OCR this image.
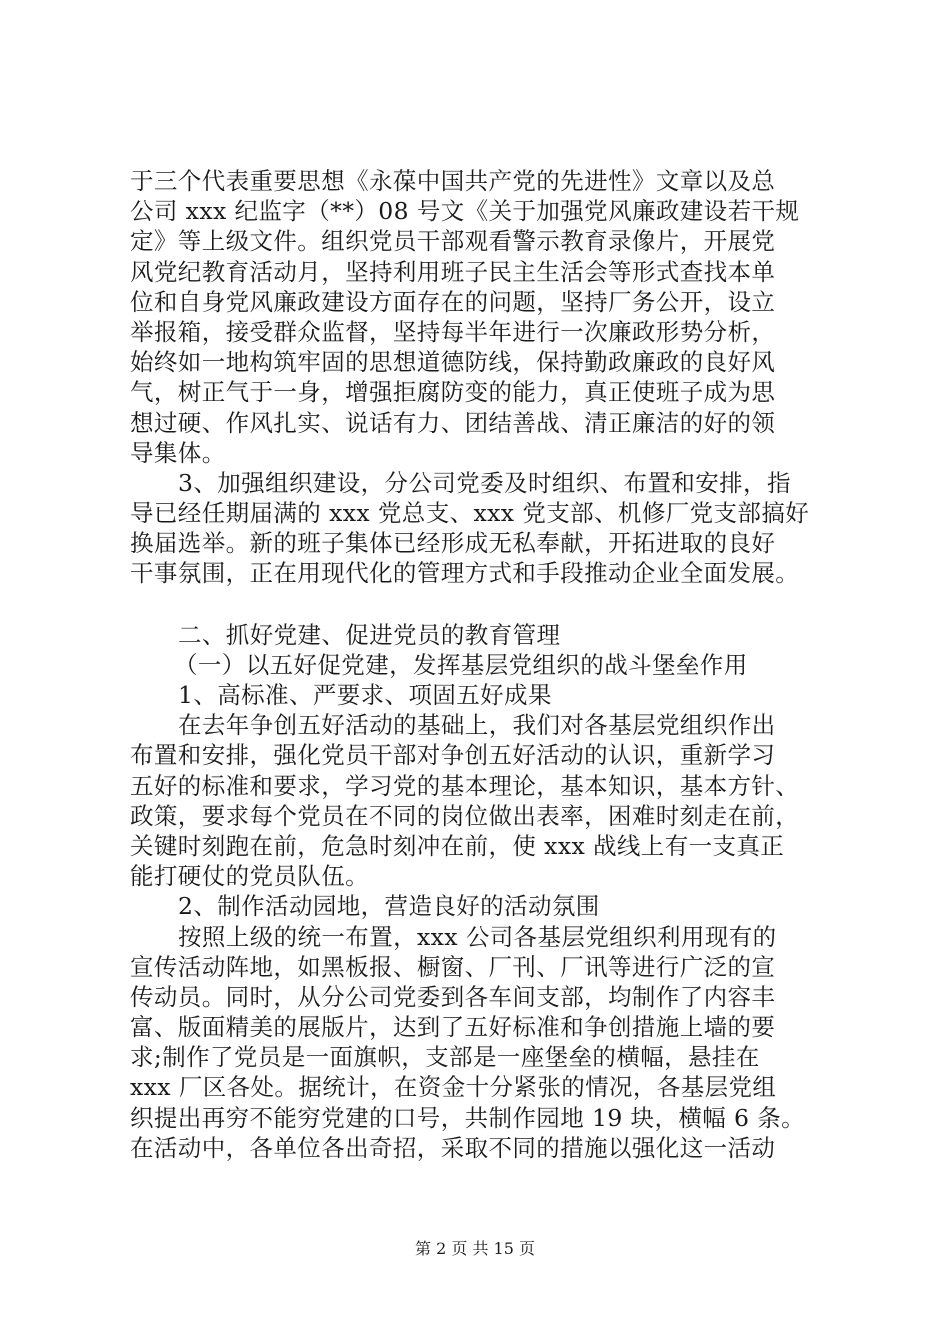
于三个代表重要思想《永葆中国共产党的先进性》文章以及总
公司 xxx 纪监字（**）08 号文《关于加强党风廉政建设若干规
定》等上级文件。组织党员干部观看警示教育录像片，开展党
风党纪教育活动月，坚持利用班子民主生活会等形式查找本单
位和自身党风廉政建设方面存在的问题，坚持厂务公开，设立
举报箱，接受群众监督，坚持每半年进行一次廉政形势分析，
始终如一地构筑牢固的思想道德防线，保持勤政廉政的良好风
气，树正气于一身，增强拒腐防变的能力，真正使班子成为思
想过硬、作风扎实、说话有力、团结善战、清正廉洁的好的领
导集体。
3、加强组织建设，分公司党委及时组织、布置和安排，指
导已经任期届满的 xxx 党总支、xxx 党支部、机修厂党支部搞好
换届选举。新的班子集体已经形成无私奉献，开拓进取的良好
干事氛围，正在用现代化的管理方式和手段推动企业全面发展。
二、抓好党建、促进党员的教育管理
（一）以五好促党建，发挥基层党组织的战斗堡垒作用
1、高标准、严要求、项固五好成果
在去年争创五好活动的基础上，我们对各基层党组织作出
布置和安排，强化党员干部对争创五好活动的认识，重新学习
五好的标准和要求，学习党的基本理论，基本知识，基本方针、
政策，要求每个党员在不同的岗位做出表率，困难时刻走在前，
关键时刻跑在前，危急时刻冲在前，使 xxx 战线上有一支真正
能打硬仗的党员队伍。
2、制作活动园地，营造良好的活动氛围
按照上级的统一布置，xxx 公司各基层党组织利用现有的
宣传活动阵地，如黑板报、橱窗、厂刊、厂讯等进行广泛的宣
传动员。同时，从分公司党委到各车间支部，均制作了内容丰
富、版面精美的展版片，达到了五好标准和争创措施上墙的要
求;制作了党员是一面旗帜，支部是一座堡垒的横幅，悬挂在
xxx 厂区各处。据统计，在资金十分紧张的情况，各基层党组
织提出再穷不能穷党建的口号，共制作园地 19 块，横幅 6 条。
在活动中，各单位各出奇招，采取不同的措施以强化这一活动
第 2 页 共 15 页
